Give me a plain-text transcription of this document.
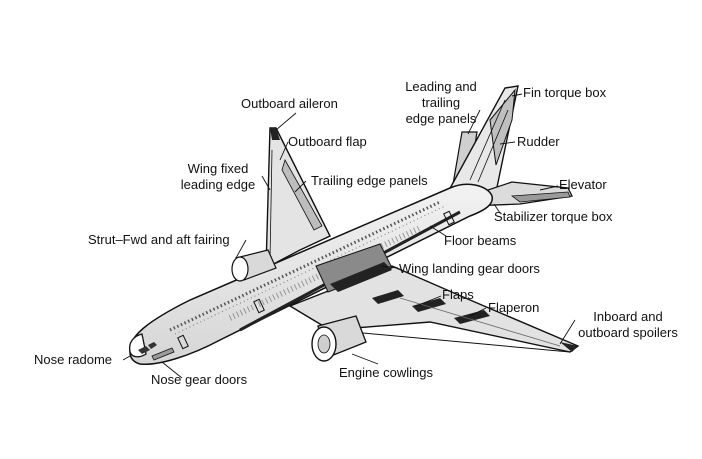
Fin torque box
Leading and
trailing
edge panels
Outboard aileron
Outboard flap	Rudder
Wing fixed
leading edge	Trailing edge panels	Elevator
Stabilizer torque box
Strut–Fwd and aft fairing	Floor beams
Wing landing gear doors
Flaps
Flaperon
Inboard and
outboard spoilers
Nose radome
Nose gear doors	Engine cowlings
